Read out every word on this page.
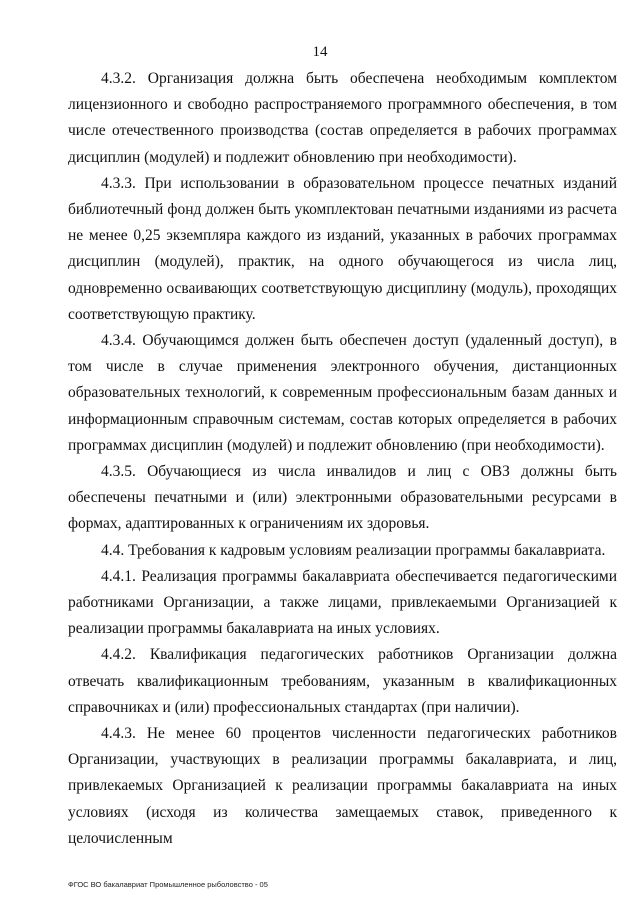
14

4.3.2. Организация должна быть обеспечена необходимым комплектом лицензионного и свободно распространяемого программного обеспечения, в том числе отечественного производства (состав определяется в рабочих программах дисциплин (модулей) и подлежит обновлению при необходимости).

4.3.3. При использовании в образовательном процессе печатных изданий библиотечный фонд должен быть укомплектован печатными изданиями из расчета не менее 0,25 экземпляра каждого из изданий, указанных в рабочих программах дисциплин (модулей), практик, на одного обучающегося из числа лиц, одновременно осваивающих соответствующую дисциплину (модуль), проходящих соответствующую практику.

4.3.4. Обучающимся должен быть обеспечен доступ (удаленный доступ), в том числе в случае применения электронного обучения, дистанционных образовательных технологий, к современным профессиональным базам данных и информационным справочным системам, состав которых определяется в рабочих программах дисциплин (модулей) и подлежит обновлению (при необходимости).

4.3.5. Обучающиеся из числа инвалидов и лиц с ОВЗ должны быть обеспечены печатными и (или) электронными образовательными ресурсами в формах, адаптированных к ограничениям их здоровья.

4.4. Требования к кадровым условиям реализации программы бакалавриата.

4.4.1. Реализация программы бакалавриата обеспечивается педагогическими работниками Организации, а также лицами, привлекаемыми Организацией к реализации программы бакалавриата на иных условиях.

4.4.2. Квалификация педагогических работников Организации должна отвечать квалификационным требованиям, указанным в квалификационных справочниках и (или) профессиональных стандартах (при наличии).

4.4.3. Не менее 60 процентов численности педагогических работников Организации, участвующих в реализации программы бакалавриата, и лиц, привлекаемых Организацией к реализации программы бакалавриата на иных условиях (исходя из количества замещаемых ставок, приведенного к целочисленным

ФГОС ВО бакалавриат Промышленное рыболовство - 05
